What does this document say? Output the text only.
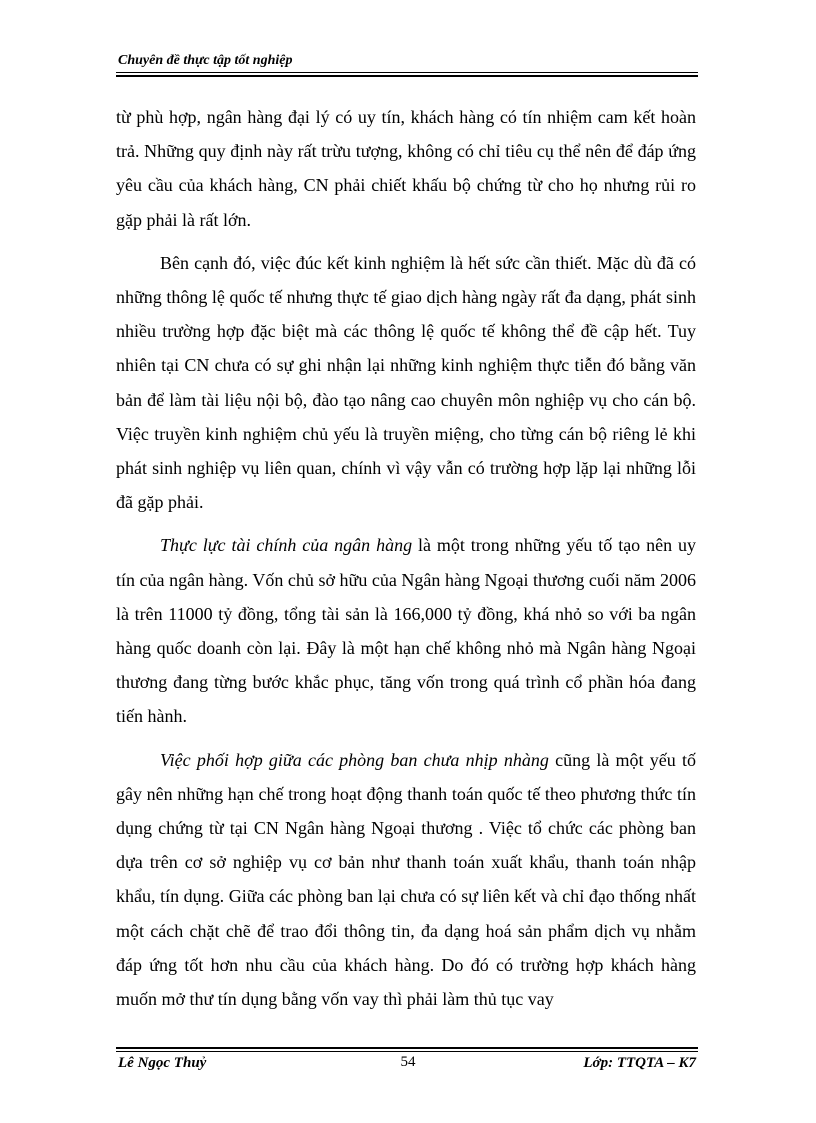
Chuyên đề thực tập tốt nghiệp

từ phù hợp, ngân hàng đại lý có uy tín, khách hàng có tín nhiệm cam kết hoàn trả. Những quy định này rất trừu tượng, không có chỉ tiêu cụ thể nên để đáp ứng yêu cầu của khách hàng, CN phải chiết khấu bộ chứng từ cho họ nhưng rủi ro gặp phải là rất lớn.

Bên cạnh đó, việc đúc kết kinh nghiệm là hết sức cần thiết. Mặc dù đã có những thông lệ quốc tế nhưng thực tế giao dịch hàng ngày rất đa dạng, phát sinh nhiều trường hợp đặc biệt mà các thông lệ quốc tế không thể đề cập hết. Tuy nhiên tại CN chưa có sự ghi nhận lại những kinh nghiệm thực tiễn đó bằng văn bản để làm tài liệu nội bộ, đào tạo nâng cao chuyên môn nghiệp vụ cho cán bộ. Việc truyền kinh nghiệm chủ yếu là truyền miệng, cho từng cán bộ riêng lẻ khi phát sinh nghiệp vụ liên quan, chính vì vậy vẫn có trường hợp lặp lại những lỗi đã gặp phải.

Thực lực tài chính của ngân hàng là một trong những yếu tố tạo nên uy tín của ngân hàng. Vốn chủ sở hữu của Ngân hàng Ngoại thương cuối năm 2006 là trên 11000 tỷ đồng, tổng tài sản là 166,000 tỷ đồng, khá nhỏ so với ba ngân hàng quốc doanh còn lại. Đây là một hạn chế không nhỏ mà Ngân hàng Ngoại thương đang từng bước khắc phục, tăng vốn trong quá trình cổ phần hóa đang tiến hành.

Việc phối hợp giữa các phòng ban chưa nhịp nhàng cũng là một yếu tố gây nên những hạn chế trong hoạt động thanh toán quốc tế theo phương thức tín dụng chứng từ tại CN Ngân hàng Ngoại thương . Việc tổ chức các phòng ban dựa trên cơ sở nghiệp vụ cơ bản như thanh toán xuất khẩu, thanh toán nhập khẩu, tín dụng. Giữa các phòng ban lại chưa có sự liên kết và chỉ đạo thống nhất một cách chặt chẽ để trao đổi thông tin, đa dạng hoá sản phẩm dịch vụ nhằm đáp ứng tốt hơn nhu cầu của khách hàng. Do đó có trường hợp khách hàng muốn mở thư tín dụng bằng vốn vay thì phải làm thủ tục vay

Lê Ngọc Thuỷ	54	Lớp: TTQTA – K7
